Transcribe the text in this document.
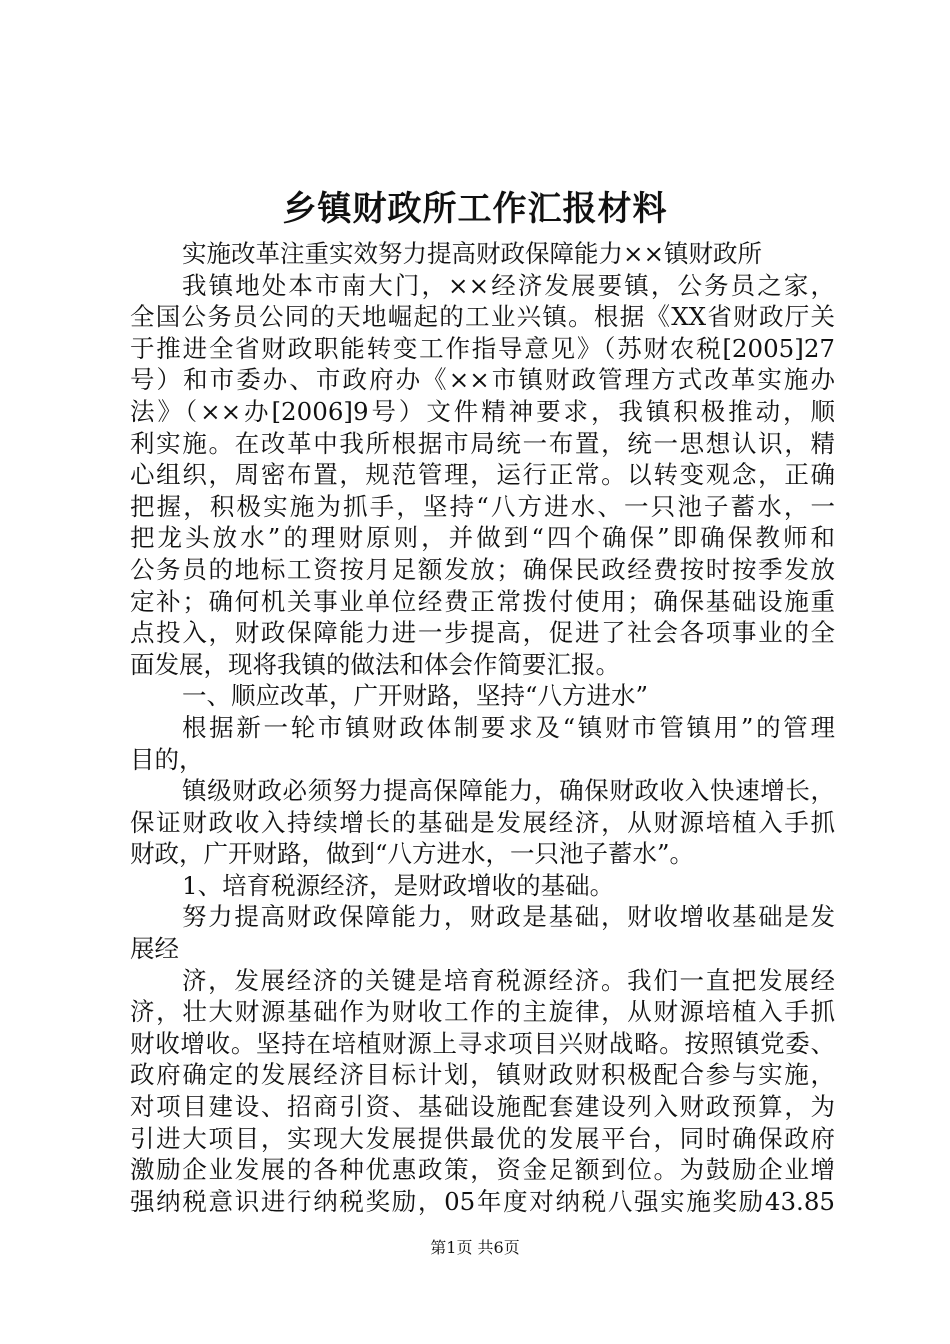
乡镇财政所工作汇报材料
实施改革注重实效努力提高财政保障能力××镇财政所
我镇地处本市南大门，××经济发展要镇，公务员之家，
全国公务员公同的天地崛起的工业兴镇。根据《XX省财政厅关
于推进全省财政职能转变工作指导意见》（苏财农税[2005]27
号）和市委办、市政府办《××市镇财政管理方式改革实施办
法》（××办[2006]9号）文件精神要求，我镇积极推动，顺
利实施。在改革中我所根据市局统一布置，统一思想认识，精
心组织，周密布置，规范管理，运行正常。以转变观念，正确
把握，积极实施为抓手，坚持“八方进水、一只池子蓄水，一
把龙头放水”的理财原则，并做到“四个确保”即确保教师和
公务员的地标工资按月足额发放；确保民政经费按时按季发放
定补；确何机关事业单位经费正常拨付使用；确保基础设施重
点投入，财政保障能力进一步提高，促进了社会各项事业的全
面发展，现将我镇的做法和体会作简要汇报。
一、顺应改革，广开财路，坚持“八方进水”
根据新一轮市镇财政体制要求及“镇财市管镇用”的管理
目的，
镇级财政必须努力提高保障能力，确保财政收入快速增长，
保证财政收入持续增长的基础是发展经济，从财源培植入手抓
财政，广开财路，做到“八方进水，一只池子蓄水”。
1、培育税源经济，是财政增收的基础。
努力提高财政保障能力，财政是基础，财收增收基础是发
展经
济，发展经济的关键是培育税源经济。我们一直把发展经
济，壮大财源基础作为财收工作的主旋律，从财源培植入手抓
财收增收。坚持在培植财源上寻求项目兴财战略。按照镇党委、
政府确定的发展经济目标计划，镇财政财积极配合参与实施，
对项目建设、招商引资、基础设施配套建设列入财政预算，为
引进大项目，实现大发展提供最优的发展平台，同时确保政府
激励企业发展的各种优惠政策，资金足额到位。为鼓励企业增
强纳税意识进行纳税奖励，05年度对纳税八强实施奖励43.85
第1页 共6页
